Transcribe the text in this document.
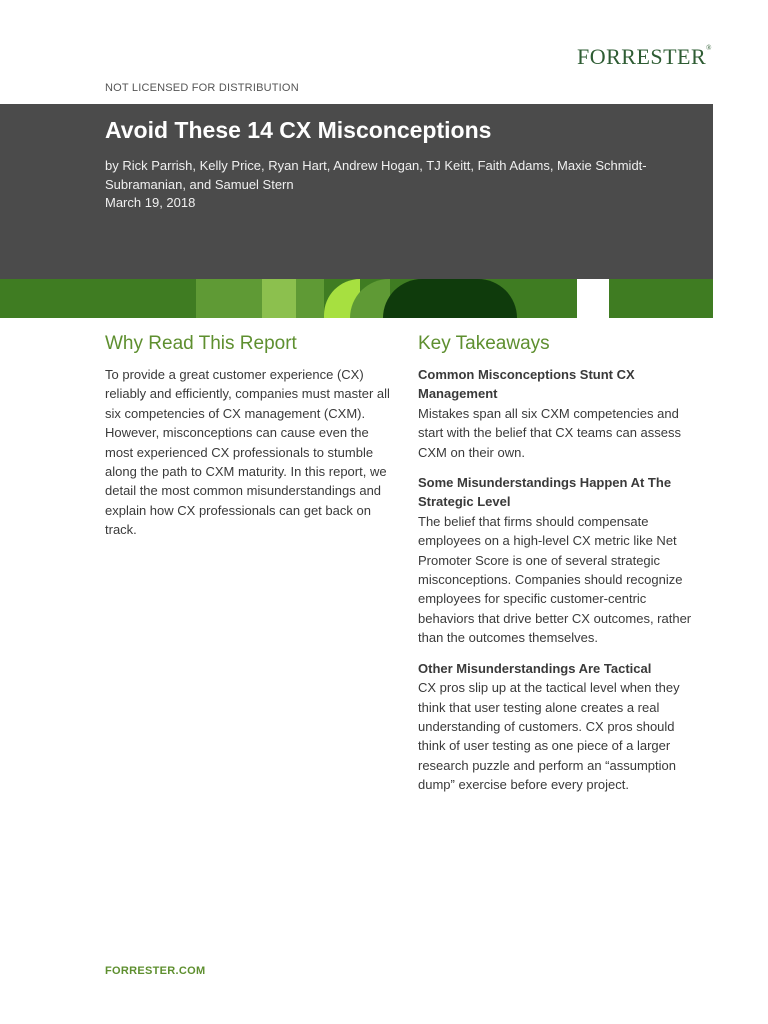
FORRESTER®
NOT LICENSED FOR DISTRIBUTION
Avoid These 14 CX Misconceptions
by Rick Parrish, Kelly Price, Ryan Hart, Andrew Hogan, TJ Keitt, Faith Adams, Maxie Schmidt-Subramanian, and Samuel Stern
March 19, 2018
Why Read This Report

To provide a great customer experience (CX) reliably and efficiently, companies must master all six competencies of CX management (CXM). However, misconceptions can cause even the most experienced CX professionals to stumble along the path to CXM maturity. In this report, we detail the most common misunderstandings and explain how CX professionals can get back on track.

Key Takeaways
Common Misconceptions Stunt CX Management

Mistakes span all six CXM competencies and start with the belief that CX teams can assess CXM on their own.

Some Misunderstandings Happen At The Strategic Level

The belief that firms should compensate employees on a high-level CX metric like Net Promoter Score is one of several strategic misconceptions. Companies should recognize employees for specific customer-centric behaviors that drive better CX outcomes, rather than the outcomes themselves.

Other Misunderstandings Are Tactical

CX pros slip up at the tactical level when they think that user testing alone creates a real understanding of customers. CX pros should think of user testing as one piece of a larger research puzzle and perform an “assumption dump” exercise before every project.

FORRESTER.COM
